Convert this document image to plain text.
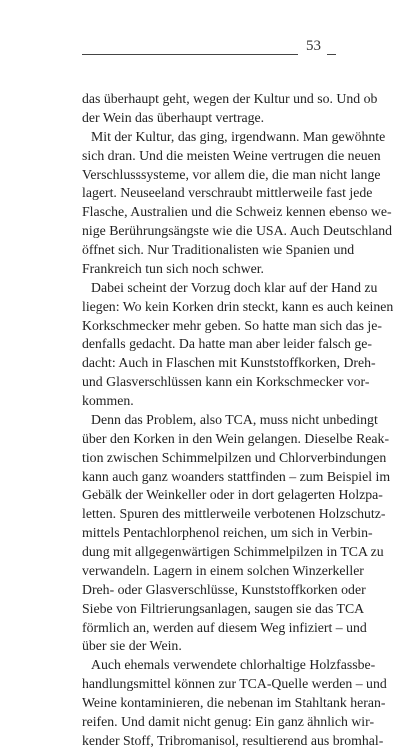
53
das überhaupt geht, wegen der Kultur und so. Und ob
der Wein das überhaupt vertrage.
Mit der Kultur, das ging, irgendwann. Man gewöhnte
sich dran. Und die meisten Weine vertrugen die neuen
Verschlusssysteme, vor allem die, die man nicht lange
lagert. Neuseeland verschraubt mittlerweile fast jede
Flasche, Australien und die Schweiz kennen ebenso we-
nige Berührungsängste wie die USA. Auch Deutschland
öffnet sich. Nur Traditionalisten wie Spanien und
Frankreich tun sich noch schwer.
Dabei scheint der Vorzug doch klar auf der Hand zu
liegen: Wo kein Korken drin steckt, kann es auch keinen
Korkschmecker mehr geben. So hatte man sich das je-
denfalls gedacht. Da hatte man aber leider falsch ge-
dacht: Auch in Flaschen mit Kunststoffkorken, Dreh-
und Glasverschlüssen kann ein Korkschmecker vor-
kommen.
Denn das Problem, also TCA, muss nicht unbedingt
über den Korken in den Wein gelangen. Dieselbe Reak-
tion zwischen Schimmelpilzen und Chlorverbindungen
kann auch ganz woanders stattfinden – zum Beispiel im
Gebälk der Weinkeller oder in dort gelagerten Holzpa-
letten. Spuren des mittlerweile verbotenen Holzschutz-
mittels Pentachlorphenol reichen, um sich in Verbin-
dung mit allgegenwärtigen Schimmelpilzen in TCA zu
verwandeln. Lagern in einem solchen Winzerkeller
Dreh- oder Glasverschlüsse, Kunststoffkorken oder
Siebe von Filtrierungsanlagen, saugen sie das TCA
förmlich an, werden auf diesem Weg infiziert – und
über sie der Wein.
Auch ehemals verwendete chlorhaltige Holzfassbe-
handlungsmittel können zur TCA-Quelle werden – und
Weine kontaminieren, die nebenan im Stahltank heran-
reifen. Und damit nicht genug: Ein ganz ähnlich wir-
kender Stoff, Tribromanisol, resultierend aus bromhal-
